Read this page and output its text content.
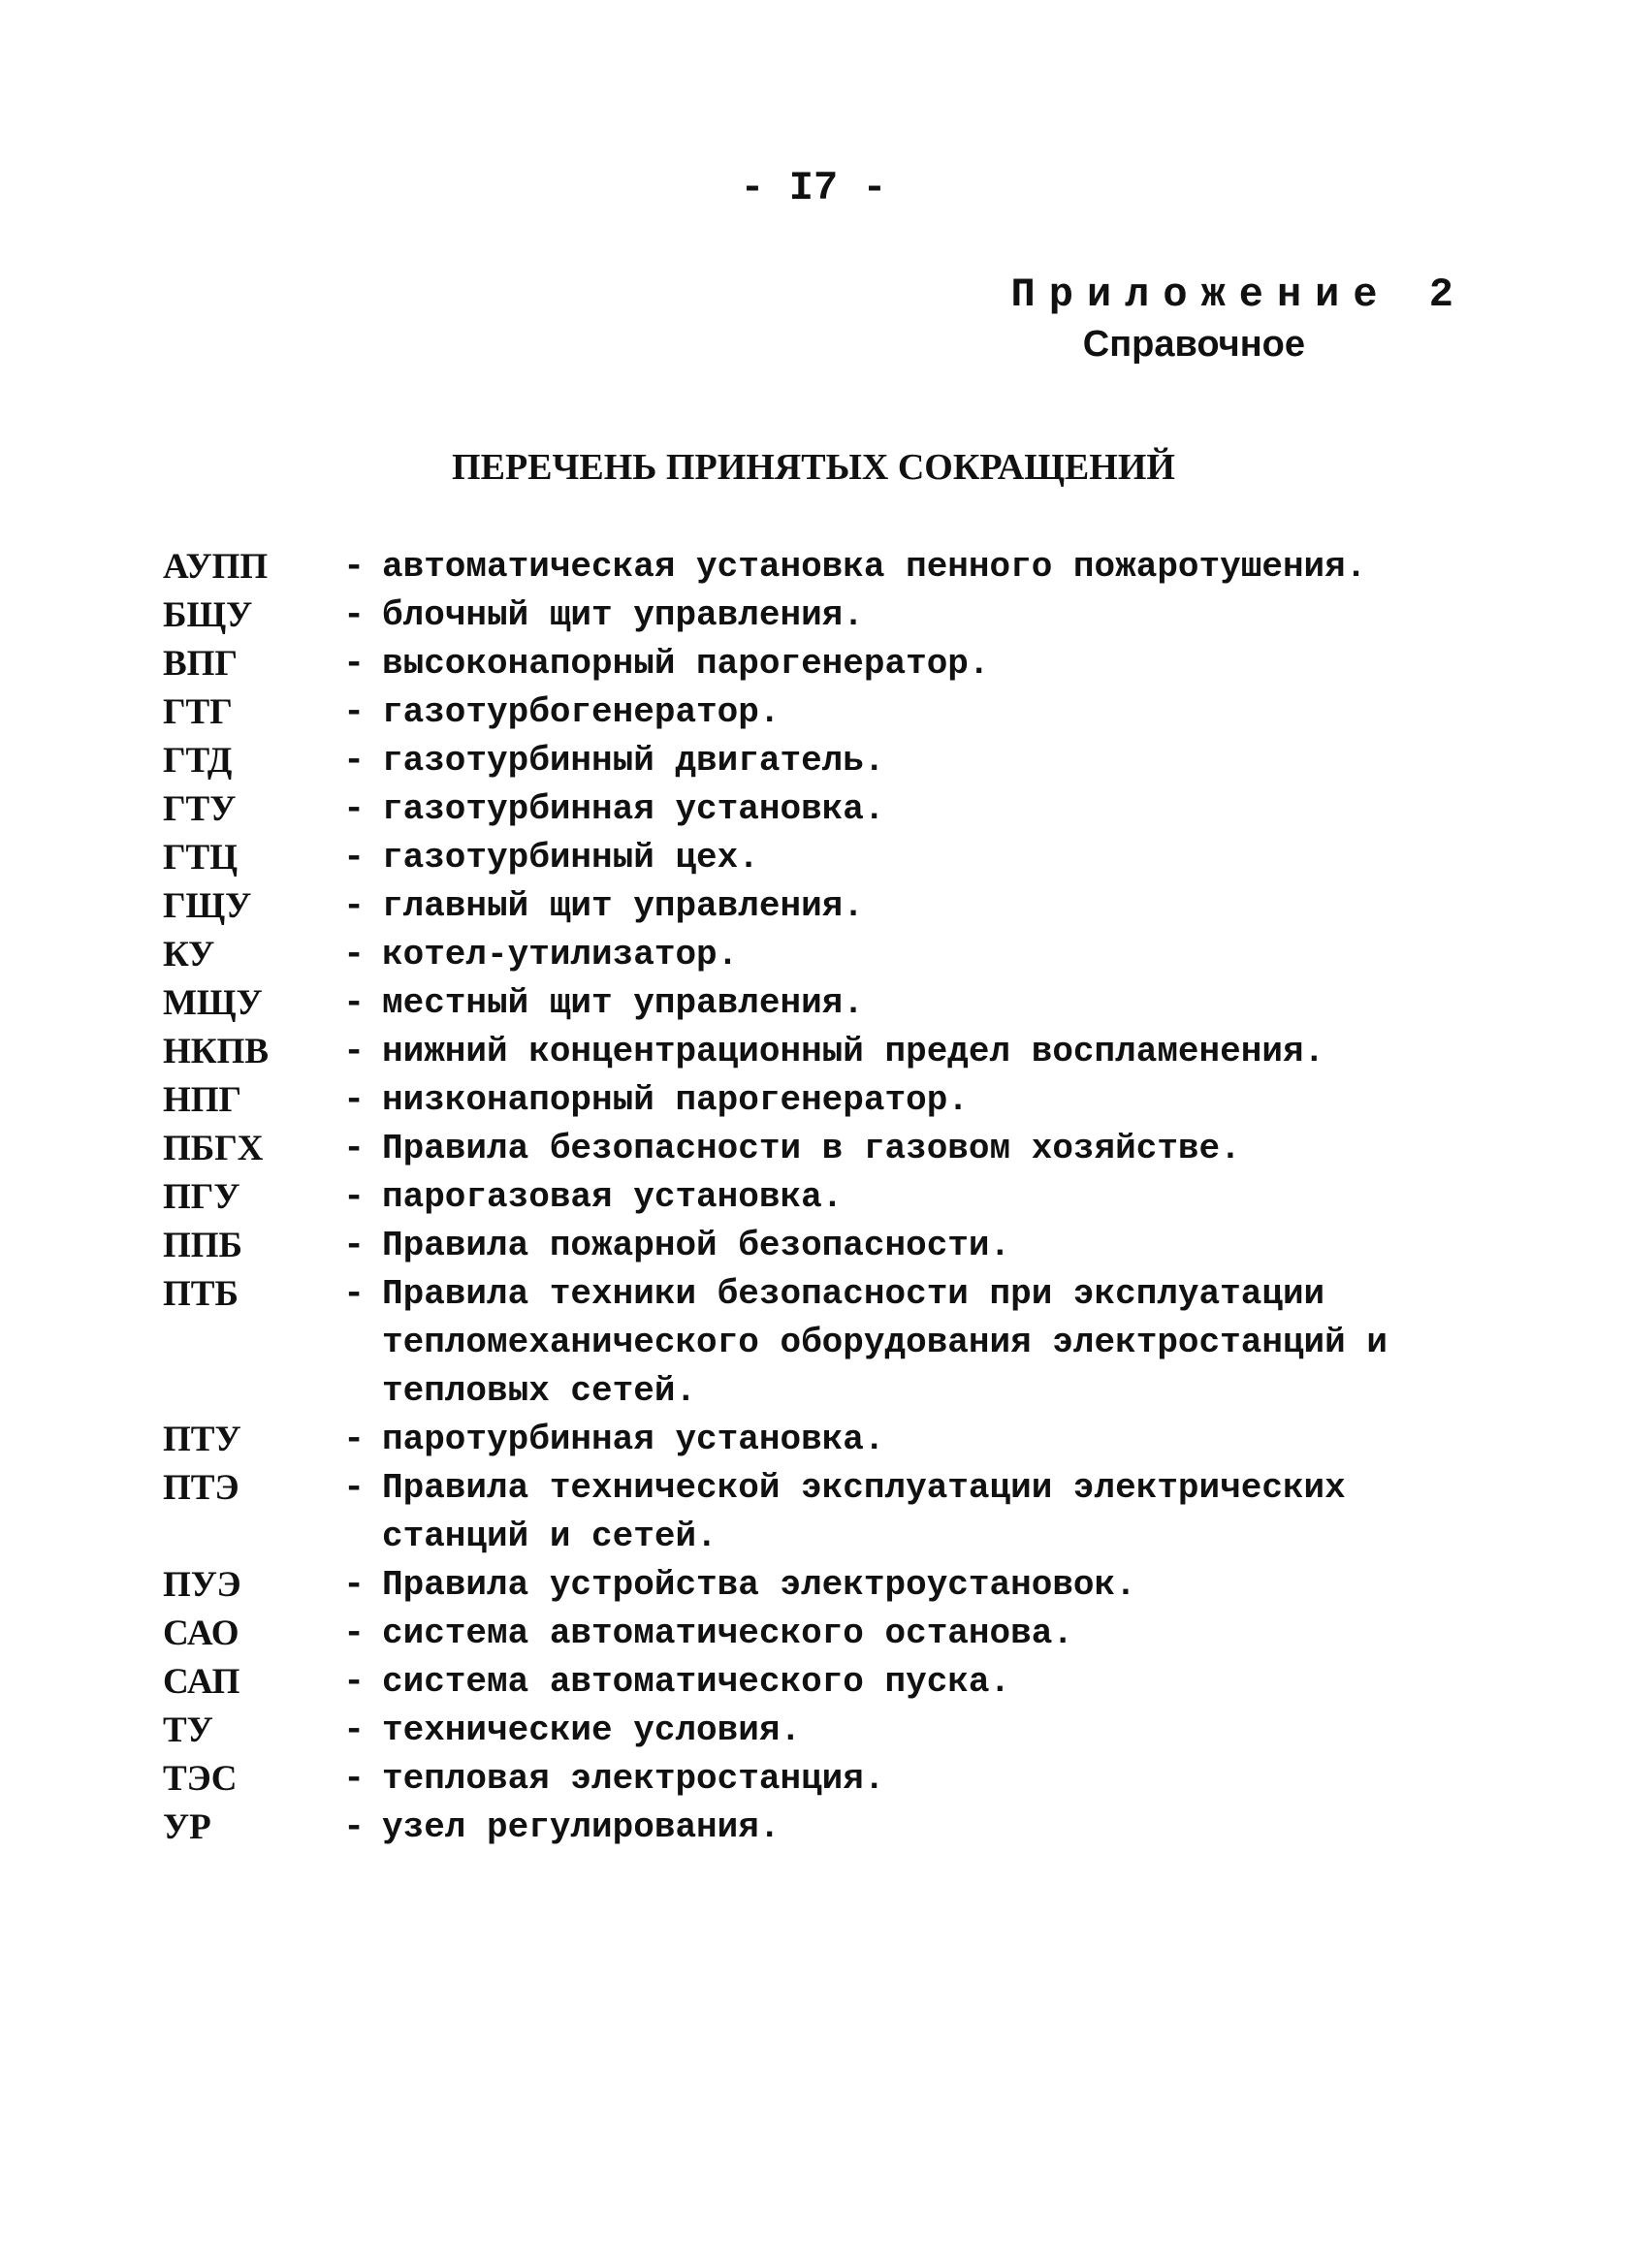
- I7 -
Приложение 2
Справочное
ПЕРЕЧЕНЬ ПРИНЯТЫХ СОКРАЩЕНИЙ
АУПП	- автоматическая установка пенного пожаротушения.
БЩУ	- блочный щит управления.
ВПГ	- высоконапорный парогенератор.
ГТГ	- газотурбогенератор.
ГТД	- газотурбинный двигатель.
ГТУ	- газотурбинная установка.
ГТЦ	- газотурбинный цех.
ГЩУ	- главный щит управления.
КУ	- котел-утилизатор.
МЩУ	- местный щит управления.
НКПВ	- нижний концентрационный предел воспламенения.
НПГ	- низконапорный парогенератор.
ПБГХ	- Правила безопасности в газовом хозяйстве.
ПГУ	- парогазовая установка.
ППБ	- Правила пожарной безопасности.
ПТБ	- Правила техники безопасности при эксплуатации тепломеханического оборудования электростанций и тепловых сетей.
ПТУ	- паротурбинная установка.
ПТЭ	- Правила технической эксплуатации электрических станций и сетей.
ПУЭ	- Правила устройства электроустановок.
САО	- система автоматического останова.
САП	- система автоматического пуска.
ТУ	- технические условия.
ТЭС	- тепловая электростанция.
УР	- узел регулирования.
